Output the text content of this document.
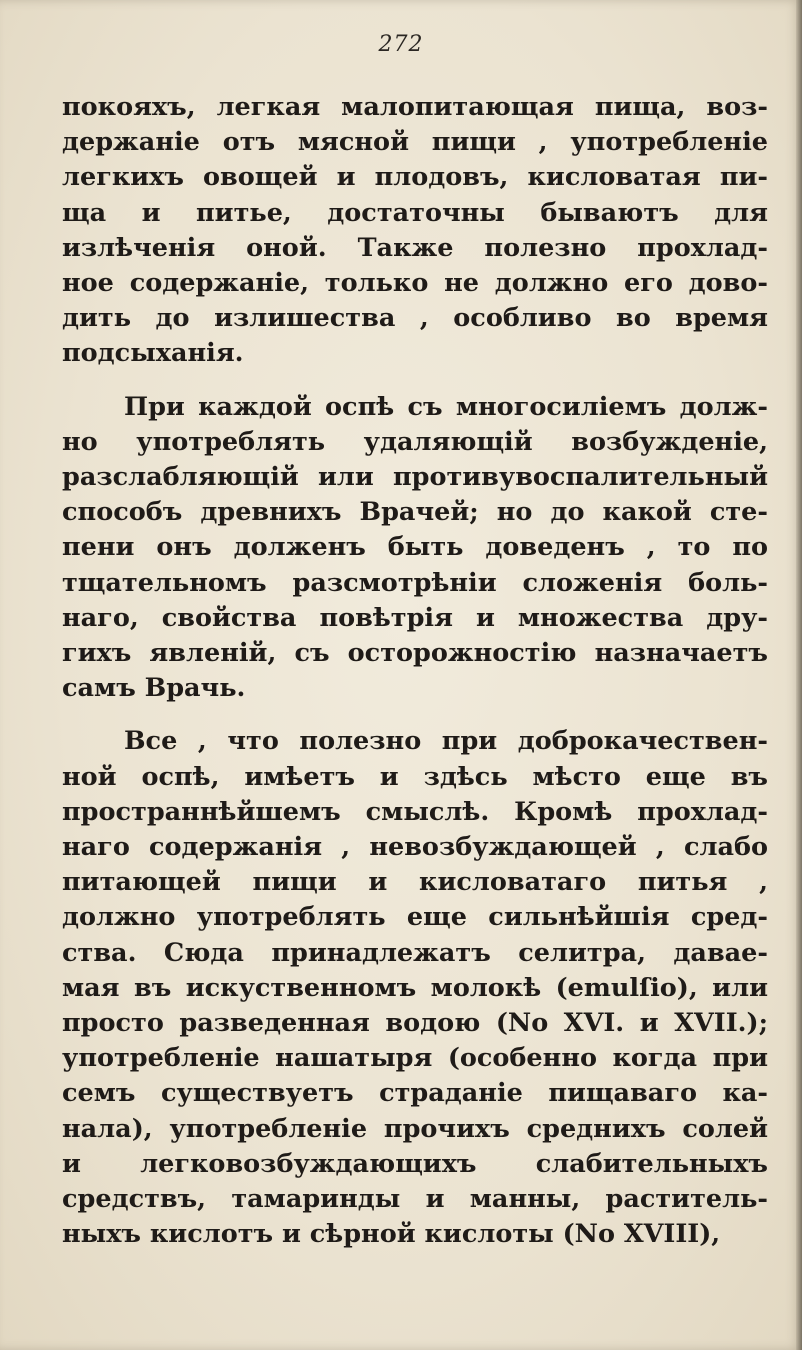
272
покояхъ, легкая малопитающая пища, воз-
держаніе отъ мясной пищи , употребленіе
легкихъ овощей и плодовъ, кисловатая пи-
ща и питье, достаточны бываютъ для
излѣченія оной. Также полезно прохлад-
ное содержаніе, только не должно его дово-
дить до излишества , особливо во время
подсыханія.
При каждой оспѣ съ многосиліемъ долж-
но употреблять удаляющій возбужденіе,
разслабляющій или противувоспалительный
способъ древнихъ Врачей; но до какой сте-
пени онъ долженъ быть доведенъ , то по
тщательномъ разсмотрѣніи сложенія боль-
наго, свойства повѣтрія и множества дру-
гихъ явленій, съ осторожностію назначаетъ
самъ Врачь.
Все , что полезно при доброкачествен-
ной оспѣ, имѣетъ и здѣсь мѣсто еще въ
пространнѣйшемъ смыслѣ. Кромѣ прохлад-
наго содержанія , невозбуждающей , слабо
питающей пищи и кисловатаго питья ,
должно употреблять еще сильнѣйшія сред-
ства. Сюда принадлежатъ селитра, давае-
мая въ искуственномъ молокѣ (emulſio), или
просто разведенная водою (No XVI. и XVII.);
употребленіе нашатыря (особенно когда при
семъ существуетъ страданіе пищаваго ка-
нала), употребленіе прочихъ среднихъ солей
и легковозбуждающихъ слабительныхъ
средствъ, тамаринды и манны, раститель-
ныхъ кислотъ и сѣрной кислоты (No XVIII),
